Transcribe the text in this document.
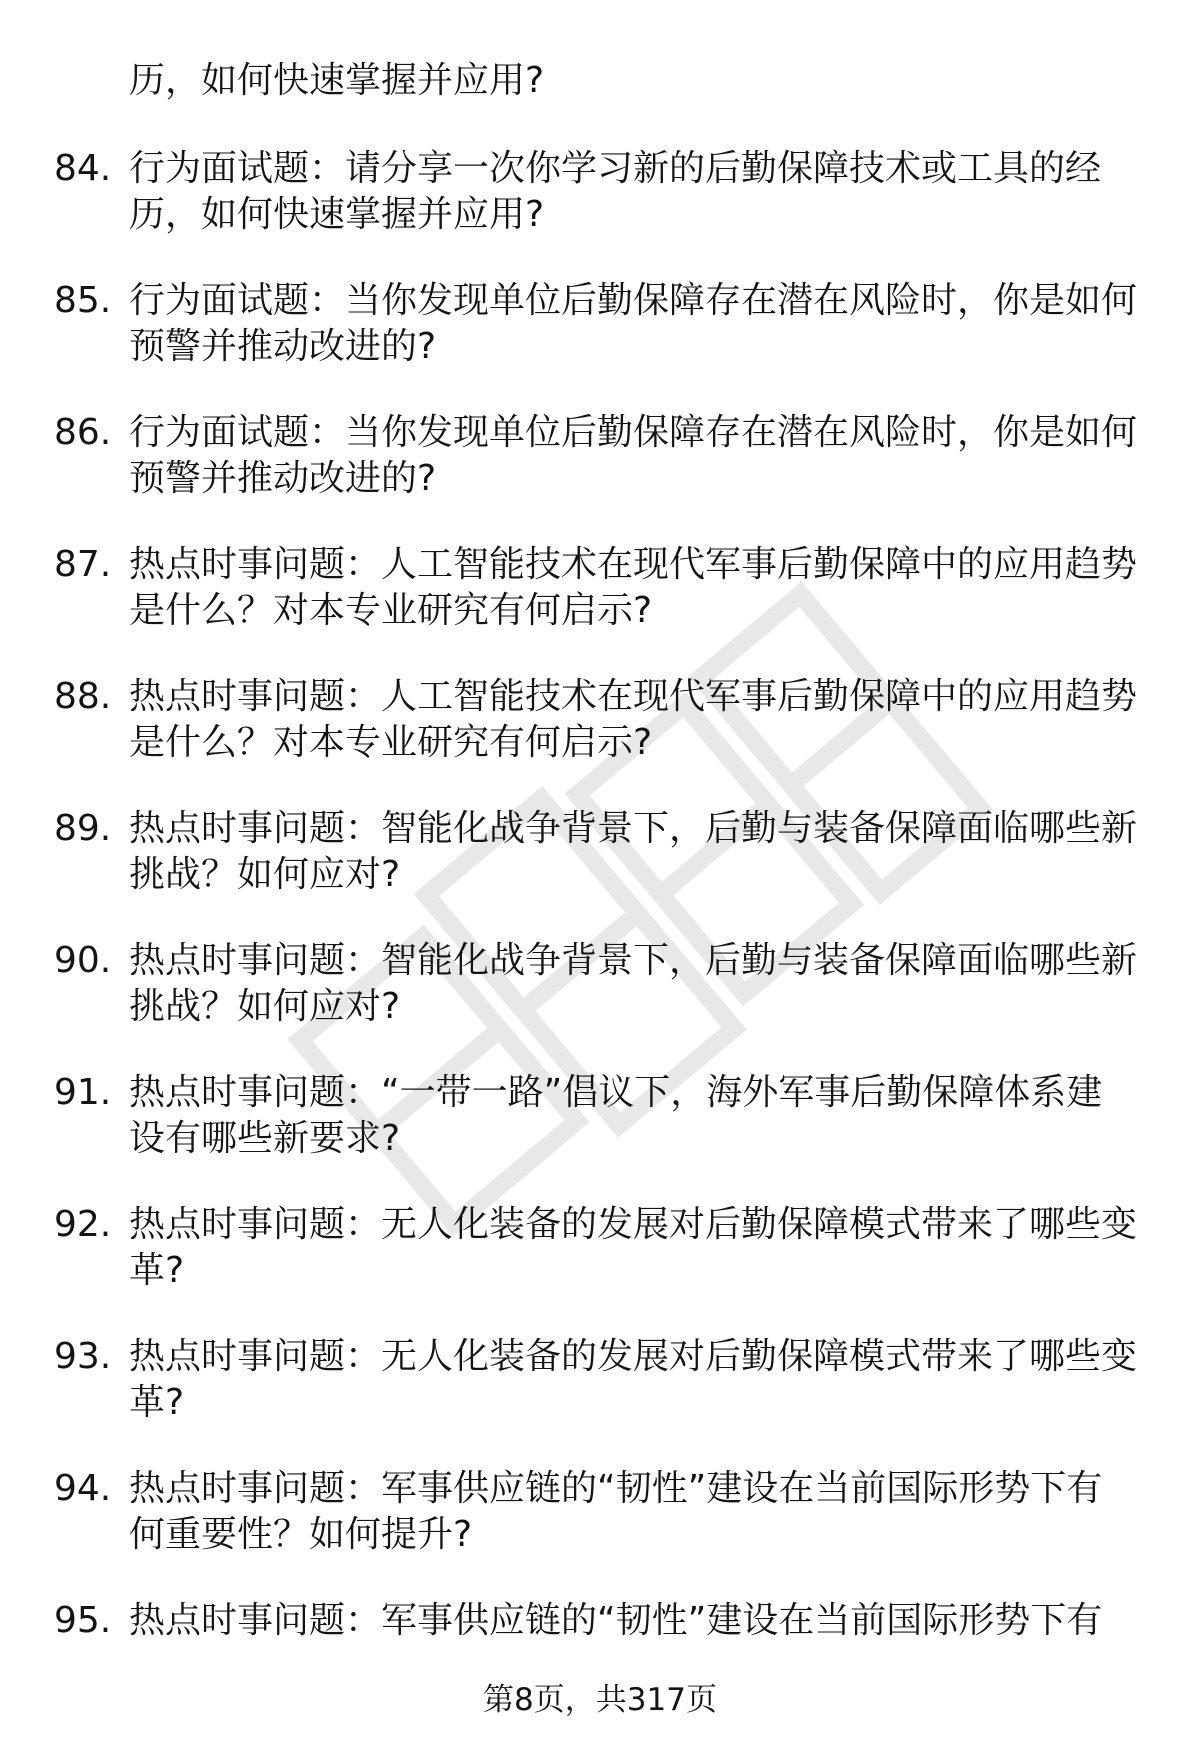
历，如何快速掌握并应用?
84. 行为面试题：请分享一次你学习新的后勤保障技术或工具的经
历，如何快速掌握并应用?
85. 行为面试题：当你发现单位后勤保障存在潜在风险时，你是如何
预警并推动改进的?
86. 行为面试题：当你发现单位后勤保障存在潜在风险时，你是如何
预警并推动改进的?
87. 热点时事问题：人工智能技术在现代军事后勤保障中的应用趋势
是什么？对本专业研究有何启示?
88. 热点时事问题：人工智能技术在现代军事后勤保障中的应用趋势
是什么？对本专业研究有何启示?
89. 热点时事问题：智能化战争背景下，后勤与装备保障面临哪些新
挑战？如何应对?
90. 热点时事问题：智能化战争背景下，后勤与装备保障面临哪些新
挑战？如何应对?
91. 热点时事问题：“一带一路”倡议下，海外军事后勤保障体系建
设有哪些新要求?
92. 热点时事问题：无人化装备的发展对后勤保障模式带来了哪些变
革?
93. 热点时事问题：无人化装备的发展对后勤保障模式带来了哪些变
革?
94. 热点时事问题：军事供应链的“韧性”建设在当前国际形势下有
何重要性？如何提升?
95. 热点时事问题：军事供应链的“韧性”建设在当前国际形势下有
第8页，共317页
